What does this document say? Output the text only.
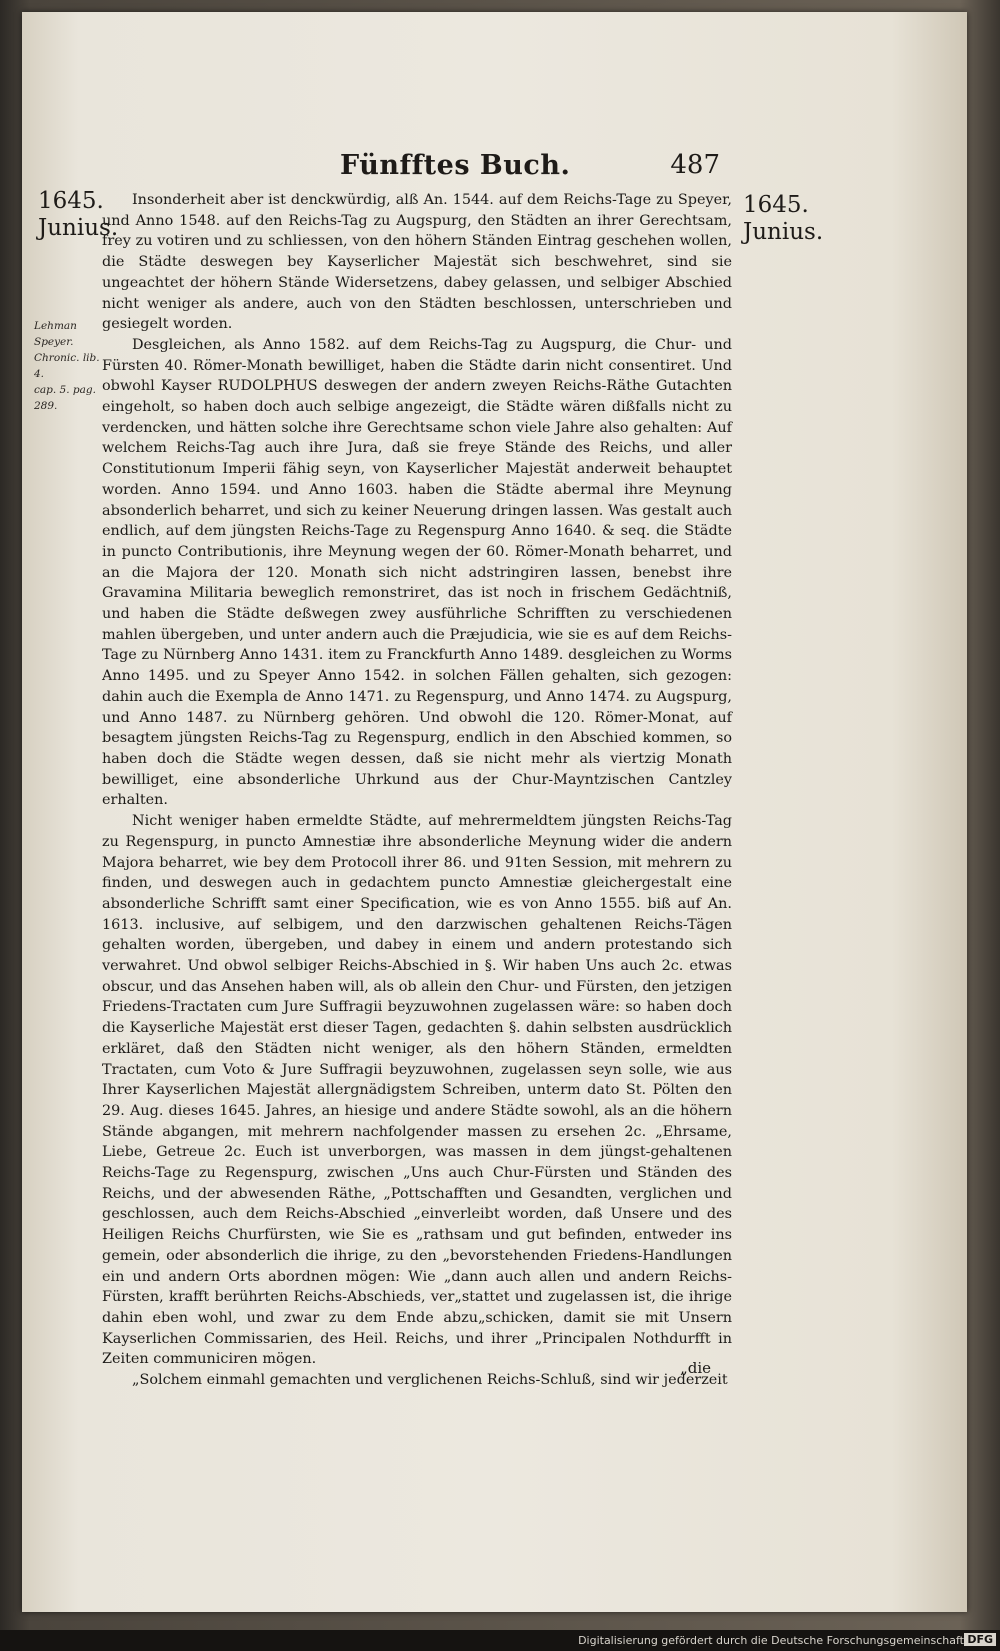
Fünfftes Buch.	487
1645.
Junius.
1645.
Junius.
Lehman
Speyer.
Chronic. lib. 4.
cap. 5. pag. 289.

Insonderheit aber ist denckwürdig, alß An. 1544. auf dem Reichs-Tage zu Speyer, und Anno 1548. auf den Reichs-Tag zu Augspurg, den Städten an ihrer Gerechtsam, frey zu votiren und zu schliessen, von den höhern Ständen Eintrag geschehen wollen, die Städte deswegen bey Kayserlicher Majestät sich beschwehret, sind sie ungeachtet der höhern Stände Widersetzens, dabey gelassen, und selbiger Abschied nicht weniger als andere, auch von den Städten beschlossen, unterschrieben und gesiegelt worden.

Desgleichen, als Anno 1582. auf dem Reichs-Tag zu Augspurg, die Chur- und Fürsten 40. Römer-Monath bewilliget, haben die Städte darin nicht consentiret. Und obwohl Kayser RUDOLPHUS deswegen der andern zweyen Reichs-Räthe Gutachten eingeholt, so haben doch auch selbige angezeigt, die Städte wären dißfalls nicht zu verdencken, und hätten solche ihre Gerechtsame schon viele Jahre also gehalten: Auf welchem Reichs-Tag auch ihre Jura, daß sie freye Stände des Reichs, und aller Constitutionum Imperii fähig seyn, von Kayserlicher Majestät anderweit behauptet worden. Anno 1594. und Anno 1603. haben die Städte abermal ihre Meynung absonderlich beharret, und sich zu keiner Neuerung dringen lassen. Was gestalt auch endlich, auf dem jüngsten Reichs-Tage zu Regenspurg Anno 1640. & seq. die Städte in puncto Contributionis, ihre Meynung wegen der 60. Römer-Monath beharret, und an die Majora der 120. Monath sich nicht adstringiren lassen, benebst ihre Gravamina Militaria beweglich remonstriret, das ist noch in frischem Gedächtniß, und haben die Städte deßwegen zwey ausführliche Schrifften zu verschiedenen mahlen übergeben, und unter andern auch die Præjudicia, wie sie es auf dem Reichs-Tage zu Nürnberg Anno 1431. item zu Franckfurth Anno 1489. desgleichen zu Worms Anno 1495. und zu Speyer Anno 1542. in solchen Fällen gehalten, sich gezogen: dahin auch die Exempla de Anno 1471. zu Regenspurg, und Anno 1474. zu Augspurg, und Anno 1487. zu Nürnberg gehören. Und obwohl die 120. Römer-Monat, auf besagtem jüngsten Reichs-Tag zu Regenspurg, endlich in den Abschied kommen, so haben doch die Städte wegen dessen, daß sie nicht mehr als viertzig Monath bewilliget, eine absonderliche Uhrkund aus der Chur-Mayntzischen Cantzley erhalten.

Nicht weniger haben ermeldte Städte, auf mehrermeldtem jüngsten Reichs-Tag zu Regenspurg, in puncto Amnestiæ ihre absonderliche Meynung wider die andern Majora beharret, wie bey dem Protocoll ihrer 86. und 91ten Session, mit mehrern zu finden, und deswegen auch in gedachtem puncto Amnestiæ gleichergestalt eine absonderliche Schrifft samt einer Specification, wie es von Anno 1555. biß auf An. 1613. inclusive, auf selbigem, und den darzwischen gehaltenen Reichs-Tägen gehalten worden, übergeben, und dabey in einem und andern protestando sich verwahret. Und obwol selbiger Reichs-Abschied in §. Wir haben Uns auch 2c. etwas obscur, und das Ansehen haben will, als ob allein den Chur- und Fürsten, den jetzigen Friedens-Tractaten cum Jure Suffragii beyzuwohnen zugelassen wäre: so haben doch die Kayserliche Majestät erst dieser Tagen, gedachten §. dahin selbsten ausdrücklich erkläret, daß den Städten nicht weniger, als den höhern Ständen, ermeldten Tractaten, cum Voto & Jure Suffragii beyzuwohnen, zugelassen seyn solle, wie aus Ihrer Kayserlichen Majestät allergnädigstem Schreiben, unterm dato St. Pölten den 29. Aug. dieses 1645. Jahres, an hiesige und andere Städte sowohl, als an die höhern Stände abgangen, mit mehrern nachfolgender massen zu ersehen 2c. „Ehrsame, Liebe, Getreue 2c. Euch ist unverborgen, was massen in dem jüngst-gehaltenen Reichs-Tage zu Regenspurg, zwischen „Uns auch Chur-Fürsten und Ständen des Reichs, und der abwesenden Räthe, „Pottschafften und Gesandten, verglichen und geschlossen, auch dem Reichs-Abschied „einverleibt worden, daß Unsere und des Heiligen Reichs Churfürsten, wie Sie es „rathsam und gut befinden, entweder ins gemein, oder absonderlich die ihrige, zu den „bevorstehenden Friedens-Handlungen ein und andern Orts abordnen mögen: Wie „dann auch allen und andern Reichs-Fürsten, krafft berührten Reichs-Abschieds, ver„stattet und zugelassen ist, die ihrige dahin eben wohl, und zwar zu dem Ende abzu„schicken, damit sie mit Unsern Kayserlichen Commissarien, des Heil. Reichs, und ihrer „Principalen Nothdurfft in Zeiten communiciren mögen.

„Solchem einmahl gemachten und verglichenen Reichs-Schluß, sind wir jederzeit

„die
Digitalisierung gefördert durch die Deutsche Forschungsgemeinschaft DFG
